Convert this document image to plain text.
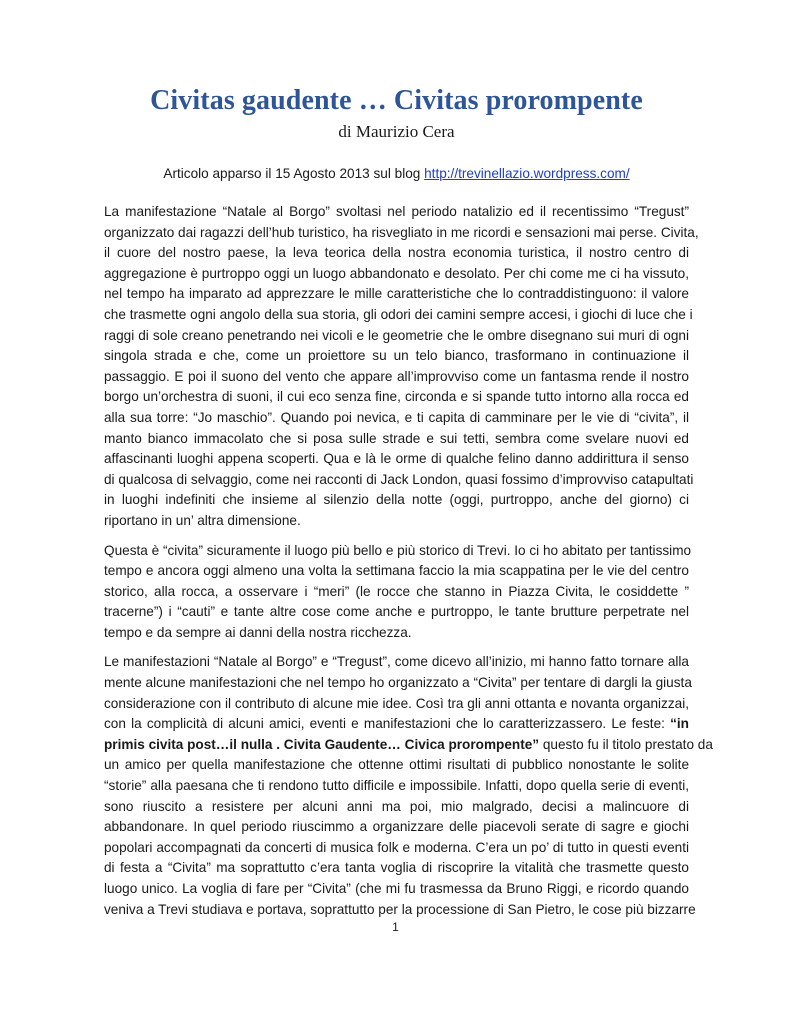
Civitas gaudente … Civitas prorompente
di Maurizio Cera
Articolo apparso il 15 Agosto 2013 sul blog http://trevinellazio.wordpress.com/
La manifestazione “Natale al Borgo” svoltasi nel periodo natalizio ed il recentissimo “Tregust”
organizzato dai ragazzi dell’hub turistico, ha risvegliato in me ricordi e sensazioni mai perse. Civita,
il cuore del nostro paese, la leva teorica della nostra economia turistica, il nostro centro di
aggregazione è purtroppo oggi un luogo abbandonato e desolato. Per chi come me ci ha vissuto,
nel tempo ha imparato ad apprezzare le mille caratteristiche che lo contraddistinguono: il valore
che trasmette ogni angolo della sua storia, gli odori dei camini sempre accesi, i giochi di luce che i
raggi di sole creano penetrando nei vicoli e le geometrie che le ombre disegnano sui muri di ogni
singola strada e che, come un proiettore su un telo bianco, trasformano in continuazione il
passaggio. E poi il suono del vento che appare all’improvviso come un fantasma rende il nostro
borgo un’orchestra di suoni, il cui eco senza fine, circonda e si spande tutto intorno alla rocca ed
alla sua torre: “Jo maschio”. Quando poi nevica, e ti capita di camminare per le vie di “civita”, il
manto bianco immacolato che si posa sulle strade e sui tetti, sembra come svelare nuovi ed
affascinanti luoghi appena scoperti. Qua e là le orme di qualche felino danno addirittura il senso
di qualcosa di selvaggio, come nei racconti di Jack London, quasi fossimo d’improvviso catapultati
in luoghi indefiniti che insieme al silenzio della notte (oggi, purtroppo, anche del giorno) ci
riportano in un’ altra dimensione.
Questa è “civita” sicuramente il luogo più bello e più storico di Trevi. Io ci ho abitato per tantissimo
tempo e ancora oggi almeno una volta la settimana faccio la mia scappatina per le vie del centro
storico, alla rocca, a osservare i “meri” (le rocce che stanno in Piazza Civita, le cosiddette ”
tracerne”) i “cauti” e tante altre cose come anche e purtroppo, le tante brutture perpetrate nel
tempo e da sempre ai danni della nostra ricchezza.
Le manifestazioni “Natale al Borgo” e “Tregust”, come dicevo all’inizio, mi hanno fatto tornare alla
mente alcune manifestazioni che nel tempo ho organizzato a “Civita” per tentare di dargli la giusta
considerazione con il contributo di alcune mie idee. Così tra gli anni ottanta e novanta organizzai,
con la complicità di alcuni amici, eventi e manifestazioni che lo caratterizzassero. Le feste: “in
primis civita post…il nulla . Civita Gaudente… Civica prorompente” questo fu il titolo prestato da
un amico per quella manifestazione che ottenne ottimi risultati di pubblico nonostante le solite
“storie” alla paesana che ti rendono tutto difficile e impossibile. Infatti, dopo quella serie di eventi,
sono riuscito a resistere per alcuni anni ma poi, mio malgrado, decisi a malincuore di
abbandonare. In quel periodo riuscimmo a organizzare delle piacevoli serate di sagre e giochi
popolari accompagnati da concerti di musica folk e moderna. C’era un po’ di tutto in questi eventi
di festa a “Civita” ma soprattutto c’era tanta voglia di riscoprire la vitalità che trasmette questo
luogo unico. La voglia di fare per “Civita” (che mi fu trasmessa da Bruno Riggi, e ricordo quando
veniva a Trevi studiava e portava, soprattutto per la processione di San Pietro, le cose più bizzarre
1
